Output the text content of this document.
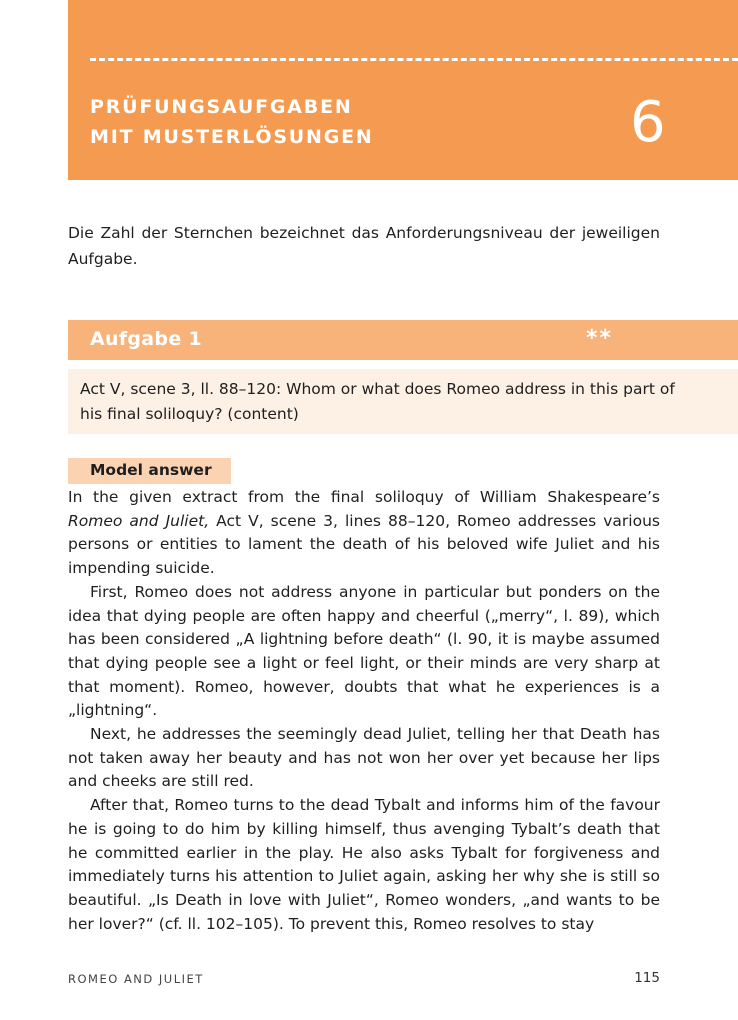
PRÜFUNGSAUFGABEN
MIT MUSTERLÖSUNGEN	6

Die Zahl der Sternchen bezeichnet das Anforderungsniveau der jeweiligen Aufgabe.

Aufgabe 1	**

Act V, scene 3, ll. 88–120: Whom or what does Romeo address in this part of his final soliloquy? (content)

Model answer

In the given extract from the final soliloquy of William Shakespeare’s Romeo and Juliet, Act V, scene 3, lines 88–120, Romeo addresses various persons or entities to lament the death of his beloved wife Juliet and his impending suicide.

First, Romeo does not address anyone in particular but ponders on the idea that dying people are often happy and cheerful („merry“, l. 89), which has been considered „A lightning before death“ (l. 90, it is maybe assumed that dying people see a light or feel light, or their minds are very sharp at that moment). Romeo, however, doubts that what he experiences is a „lightning“.

Next, he addresses the seemingly dead Juliet, telling her that Death has not taken away her beauty and has not won her over yet because her lips and cheeks are still red.

After that, Romeo turns to the dead Tybalt and informs him of the favour he is going to do him by killing himself, thus avenging Tybalt’s death that he committed earlier in the play. He also asks Tybalt for forgiveness and immediately turns his attention to Juliet again, asking her why she is still so beautiful. „Is Death in love with Juliet“, Romeo wonders, „and wants to be her lover?“ (cf. ll. 102–105). To prevent this, Romeo resolves to stay

ROMEO AND JULIET	115
